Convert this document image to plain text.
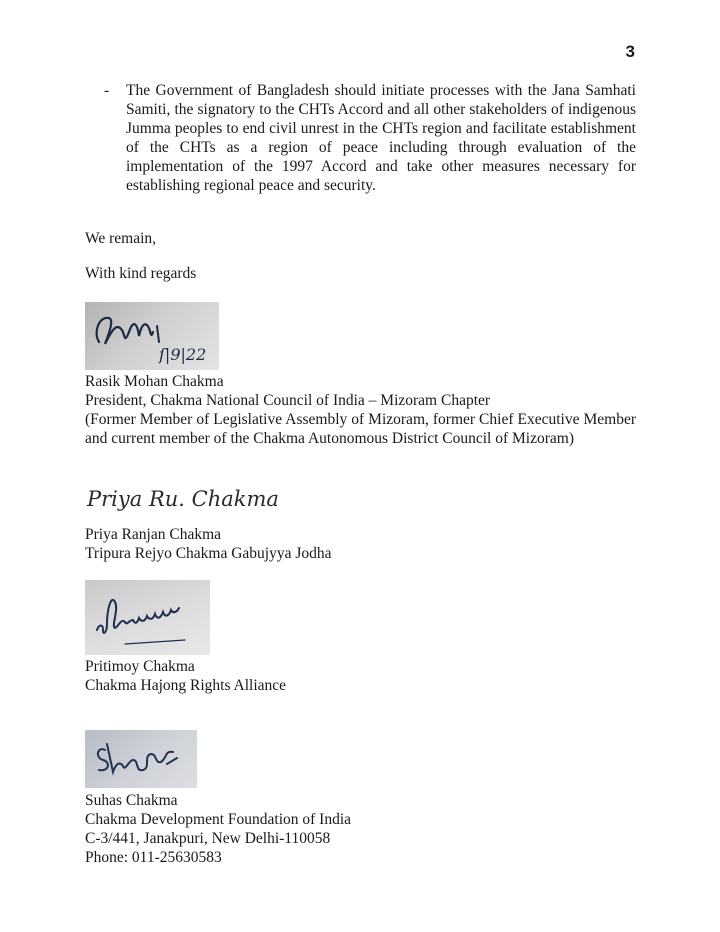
3
- The Government of Bangladesh should initiate processes with the Jana Samhati Samiti, the signatory to the CHTs Accord and all other stakeholders of indigenous Jumma peoples to end civil unrest in the CHTs region and facilitate establishment of the CHTs as a region of peace including through evaluation of the implementation of the 1997 Accord and take other measures necessary for establishing regional peace and security.
We remain,
With kind regards
ſ|9|22
Rasik Mohan Chakma
President, Chakma National Council of India – Mizoram Chapter
(Former Member of Legislative Assembly of Mizoram, former Chief Executive Member and current member of the Chakma Autonomous District Council of Mizoram)
Priya Ru. Chakma
Priya Ranjan Chakma
Tripura Rejyo Chakma Gabujyya Jodha
Pritimoy Chakma
Chakma Hajong Rights Alliance
Suhas Chakma
Chakma Development Foundation of India
C-3/441, Janakpuri, New Delhi-110058
Phone: 011-25630583
